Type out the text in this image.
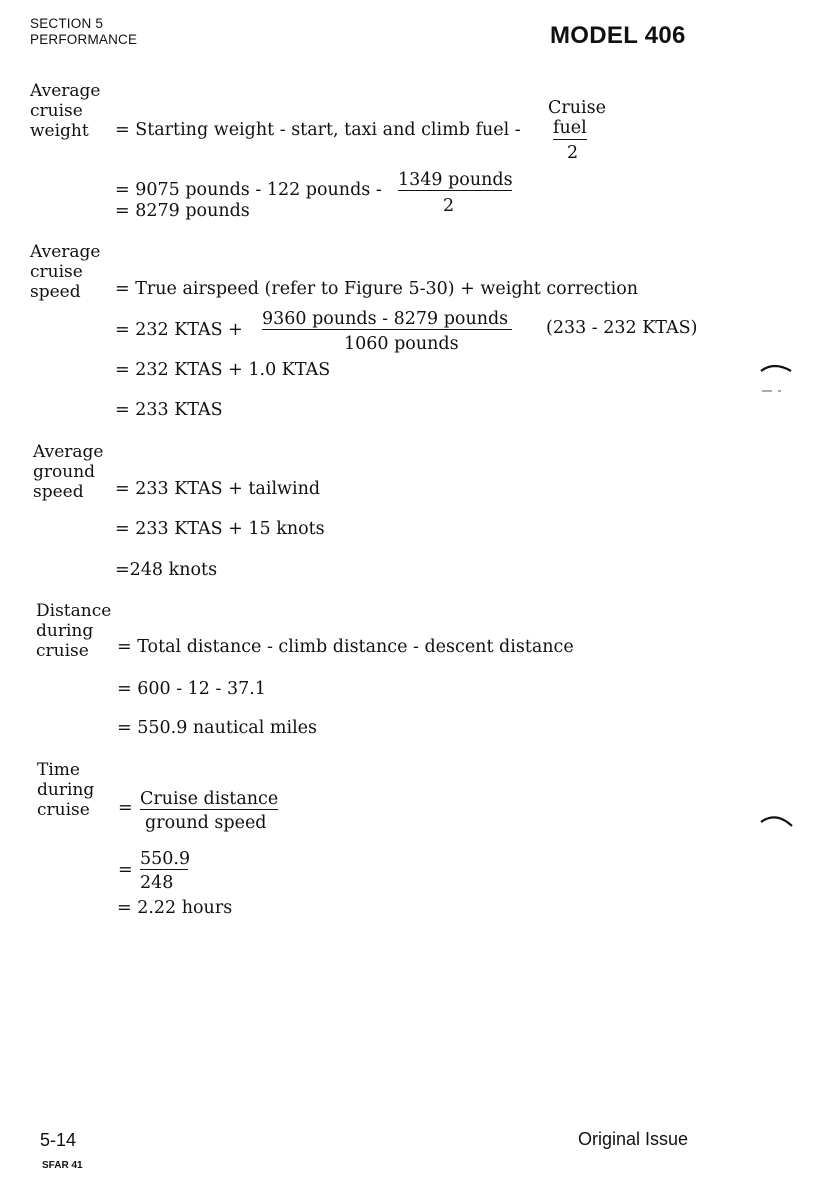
SECTION 5
PERFORMANCE	MODEL 406
Average
cruise
weight
Cruise
= Starting weight - start, taxi and climb fuel - fuel
2
= 9075 pounds - 122 pounds - 1349 pounds
2
= 8279 pounds
Average
cruise
speed = True airspeed (refer to Figure 5-30) + weight correction
= 232 KTAS +
9360 pounds - 8279 pounds
1060 pounds
(233 - 232 KTAS)
= 232 KTAS + 1.0 KTAS
= 233 KTAS
Average
ground
speed = 233 KTAS + tailwind
= 233 KTAS + 15 knots
=248 knots
Distance
during
cruise = Total distance - climb distance - descent distance
= 600 - 12 - 37.1
= 550.9 nautical miles
Time
during
cruise = Cruise distance
ground speed
=
550.9
248
= 2.22 hours
5-14
SFAR 41
Original Issue
